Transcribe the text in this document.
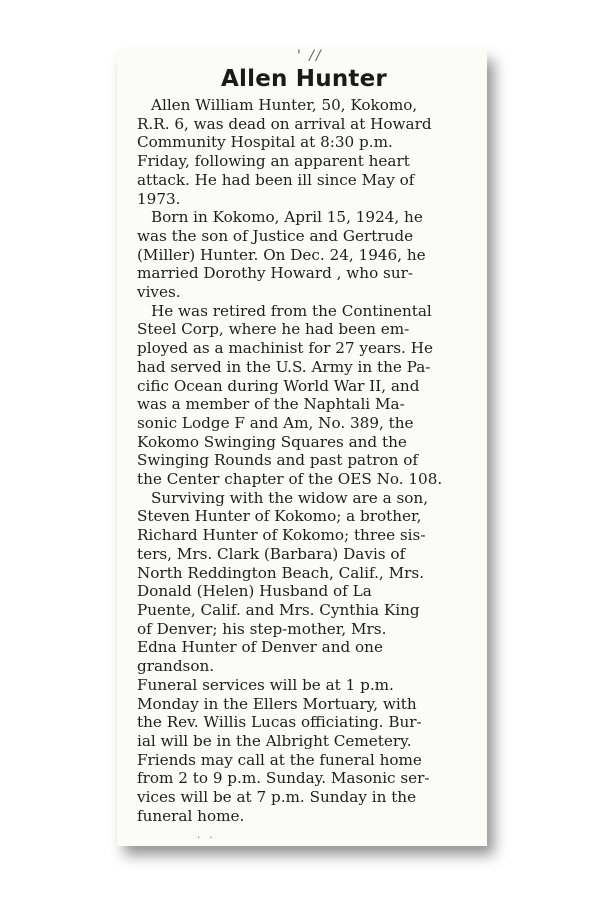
' //
Allen Hunter

Allen William Hunter, 50, Kokomo,
R.R. 6, was dead on arrival at Howard
Community Hospital at 8:30 p.m.
Friday, following an apparent heart
attack. He had been ill since May of
1973.

Born in Kokomo, April 15, 1924, he
was the son of Justice and Gertrude
(Miller) Hunter. On Dec. 24, 1946, he
married Dorothy Howard , who sur-
vives.

He was retired from the Continental
Steel Corp, where he had been em-
ployed as a machinist for 27 years. He
had served in the U.S. Army in the Pa-
cific Ocean during World War II, and
was a member of the Naphtali Ma-
sonic Lodge F and Am, No. 389, the
Kokomo Swinging Squares and the
Swinging Rounds and past patron of
the Center chapter of the OES No. 108.

Surviving with the widow are a son,
Steven Hunter of Kokomo; a brother,
Richard Hunter of Kokomo; three sis-
ters, Mrs. Clark (Barbara) Davis of
North Reddington Beach, Calif., Mrs.
Donald (Helen) Husband of La
Puente, Calif. and Mrs. Cynthia King
of Denver; his step-mother, Mrs.
Edna Hunter of Denver and one
grandson.

Funeral services will be at 1 p.m.
Monday in the Ellers Mortuary, with
the Rev. Willis Lucas officiating. Bur-
ial will be in the Albright Cemetery.
Friends may call at the funeral home
from 2 to 9 p.m. Sunday. Masonic ser-
vices will be at 7 p.m. Sunday in the
funeral home.

· ·
